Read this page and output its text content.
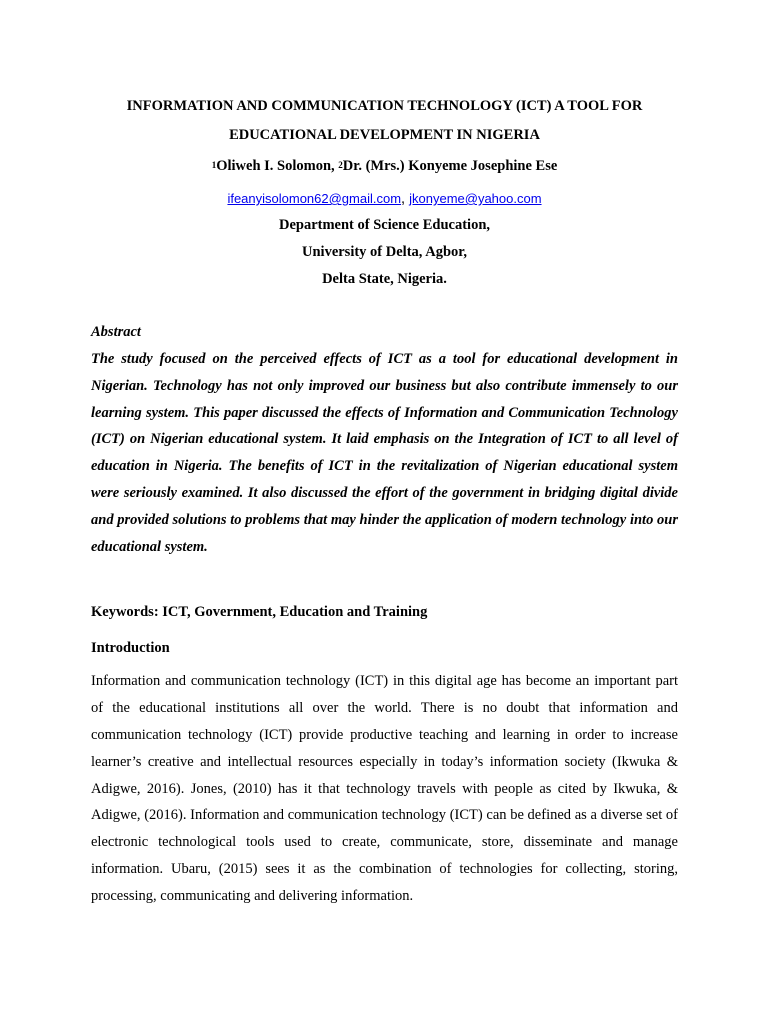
INFORMATION AND COMMUNICATION TECHNOLOGY (ICT) A TOOL FOR EDUCATIONAL DEVELOPMENT IN NIGERIA
$^1$Oliweh I. Solomon, $^2$Dr. (Mrs.) Konyeme Josephine Ese
ifeanyisolomon62@gmail.com, jkonyeme@yahoo.com
Department of Science Education,
University of Delta, Agbor,
Delta State, Nigeria.
Abstract
The study focused on the perceived effects of ICT as a tool for educational development in Nigerian. Technology has not only improved our business but also contribute immensely to our learning system. This paper discussed the effects of Information and Communication Technology (ICT) on Nigerian educational system. It laid emphasis on the Integration of ICT to all level of education in Nigeria. The benefits of ICT in the revitalization of Nigerian educational system were seriously examined. It also discussed the effort of the government in bridging digital divide and provided solutions to problems that may hinder the application of modern technology into our educational system.
Keywords: ICT, Government, Education and Training
Introduction
Information and communication technology (ICT) in this digital age has become an important part of the educational institutions all over the world. There is no doubt that information and communication technology (ICT) provide productive teaching and learning in order to increase learner’s creative and intellectual resources especially in today’s information society (Ikwuka & Adigwe, 2016). Jones, (2010) has it that technology travels with people as cited by Ikwuka, & Adigwe, (2016). Information and communication technology (ICT) can be defined as a diverse set of electronic technological tools used to create, communicate, store, disseminate and manage information. Ubaru, (2015) sees it as the combination of technologies for collecting, storing, processing, communicating and delivering information.
